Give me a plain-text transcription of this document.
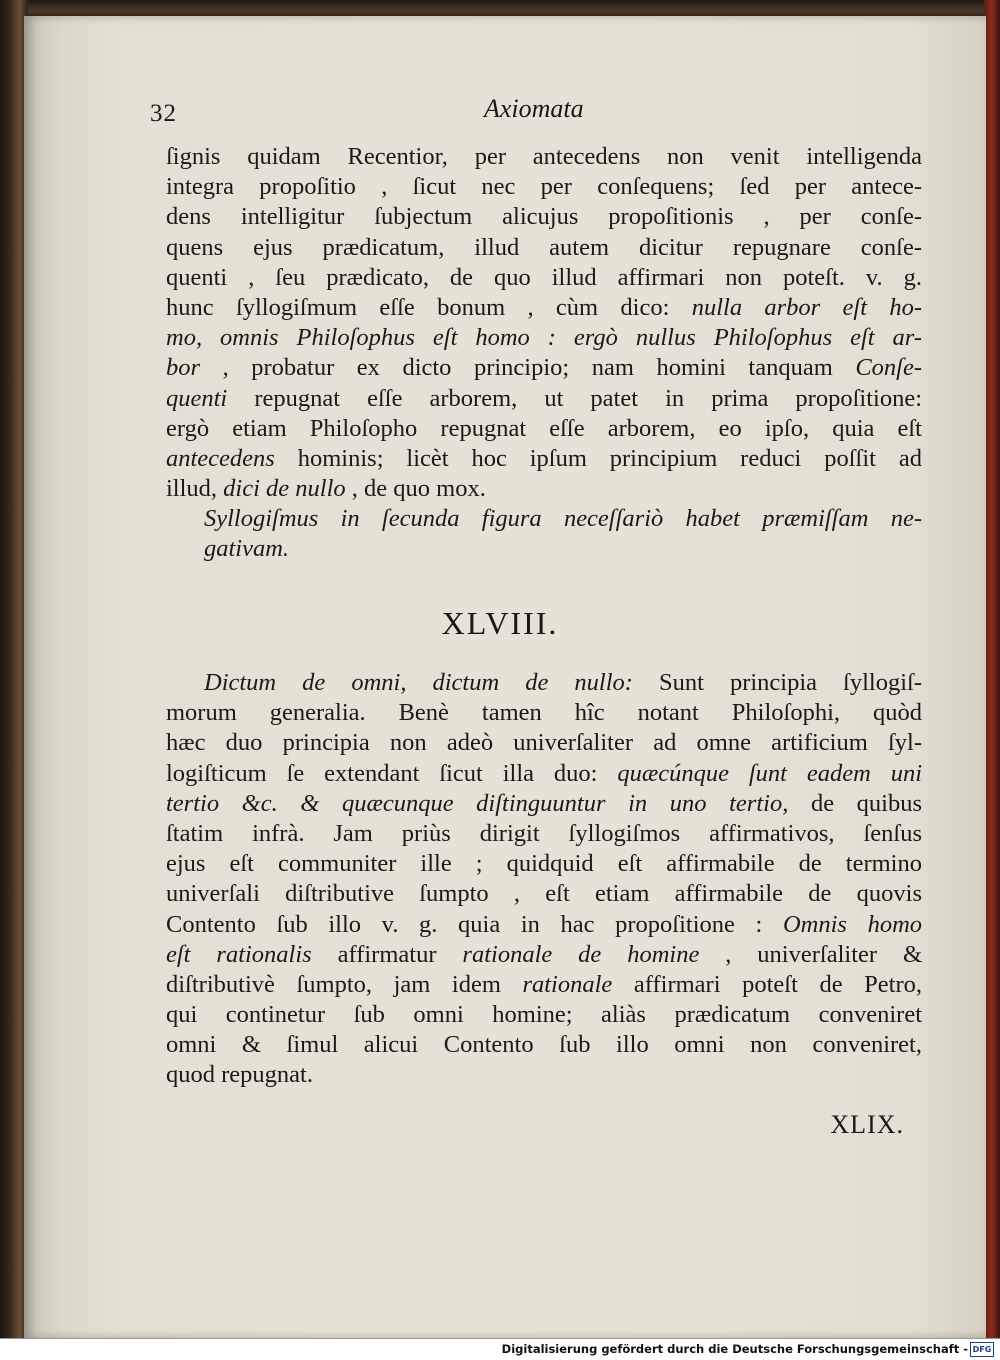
32	Axiomata
ſignis quidam Recentior, per antecedens non venit intelligenda
integra propoſitio , ſicut nec per conſequens; ſed per antece-
dens intelligitur ſubjectum alicujus propoſitionis , per conſe-
quens ejus prædicatum, illud autem dicitur repugnare conſe-
quenti , ſeu prædicato, de quo illud affirmari non poteſt. v. g.
hunc ſyllogiſmum eſſe bonum , cùm dico: nulla arbor eſt ho-
mo, omnis Philoſophus eſt homo : ergò nullus Philoſophus eſt ar-
bor , probatur ex dicto principio; nam homini tanquam Conſe-
quenti repugnat eſſe arborem, ut patet in prima propoſitione:
ergò etiam Philoſopho repugnat eſſe arborem, eo ipſo, quia eſt
antecedens hominis; licèt hoc ipſum principium reduci poſſit ad
illud, dici de nullo , de quo mox.
Syllogiſmus in ſecunda figura neceſſariò habet præmiſſam ne-
gativam.
XLVIII.
Dictum de omni, dictum de nullo: Sunt principia ſyllogiſ-
morum generalia. Benè tamen hîc notant Philoſophi, quòd
hæc duo principia non adeò univerſaliter ad omne artificium ſyl-
logiſticum ſe extendant ſicut illa duo: quæcúnque ſunt eadem uni
tertio &c. & quæcunque diſtinguuntur in uno tertio, de quibus
ſtatim infrà. Jam priùs dirigit ſyllogiſmos affirmativos, ſenſus
ejus eſt communiter ille ; quidquid eſt affirmabile de termino
univerſali diſtributive ſumpto , eſt etiam affirmabile de quovis
Contento ſub illo v. g. quia in hac propoſitione : Omnis homo
eſt rationalis affirmatur rationale de homine , univerſaliter &
diſtributivè ſumpto, jam idem rationale affirmari poteſt de Petro,
qui continetur ſub omni homine; aliàs prædicatum conveniret
omni & ſimul alicui Contento ſub illo omni non conveniret,
quod repugnat.
XLIX.
Digitalisierung gefördert durch die Deutsche Forschungsgemeinschaft - DFG
